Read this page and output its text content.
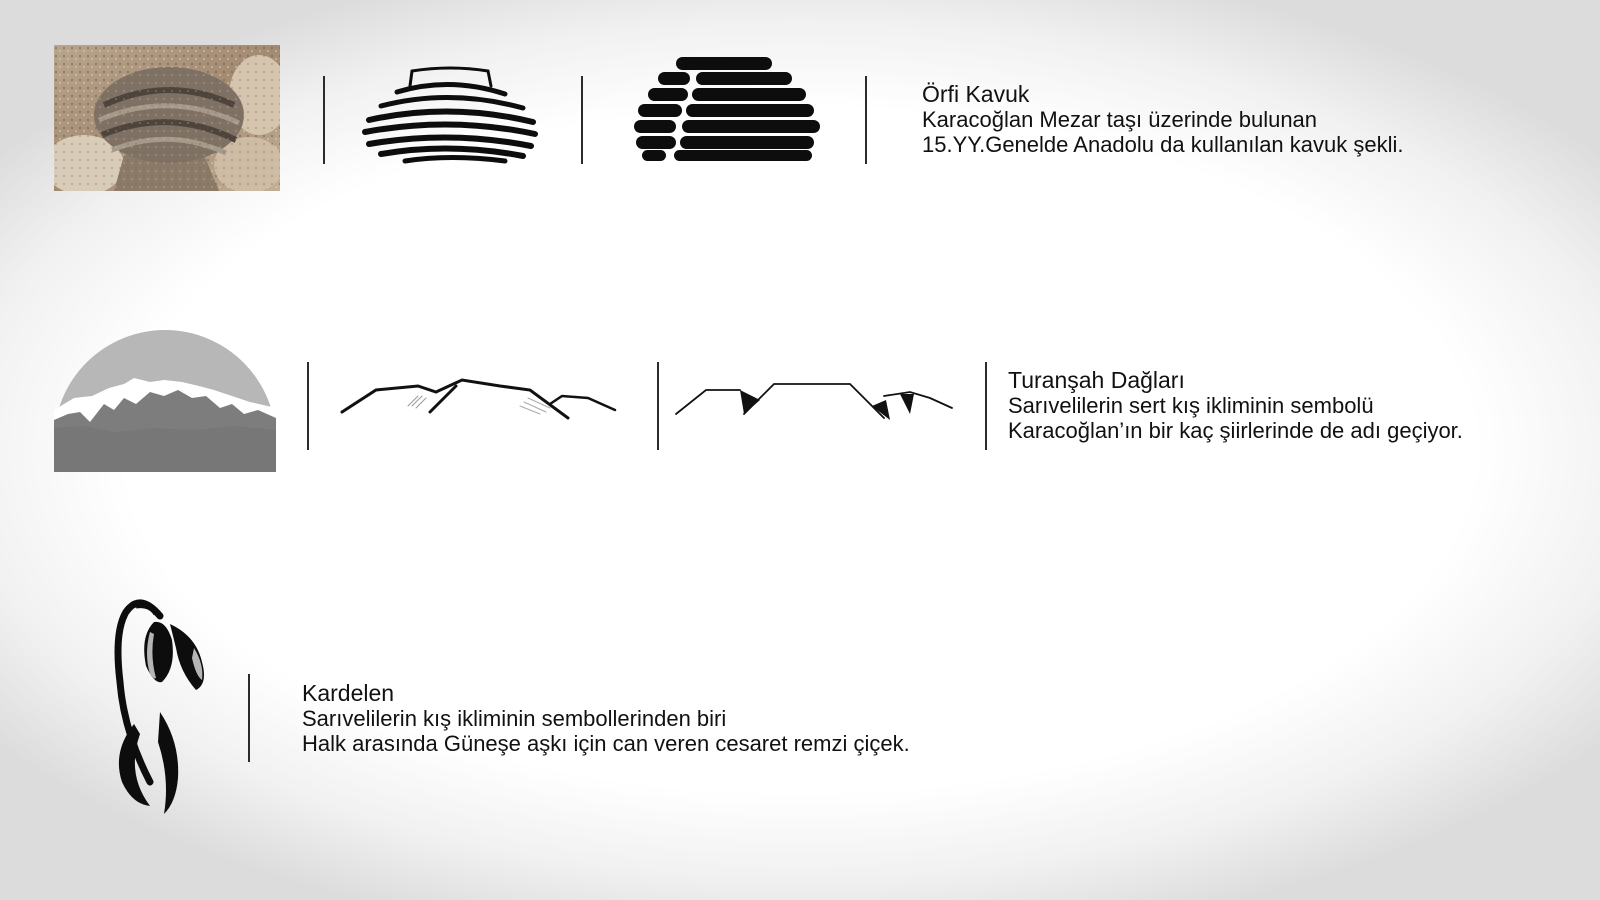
Örfi Kavuk
Karacoğlan Mezar taşı üzerinde bulunan
15.YY.Genelde Anadolu da kullanılan kavuk şekli.
Turanşah Dağları
Sarıvelilerin sert kış ikliminin sembolü
Karacoğlan’ın bir kaç şiirlerinde de adı geçiyor.
Kardelen
Sarıvelilerin kış ikliminin sembollerinden biri
Halk arasında Güneşe aşkı için can veren cesaret remzi çiçek.
